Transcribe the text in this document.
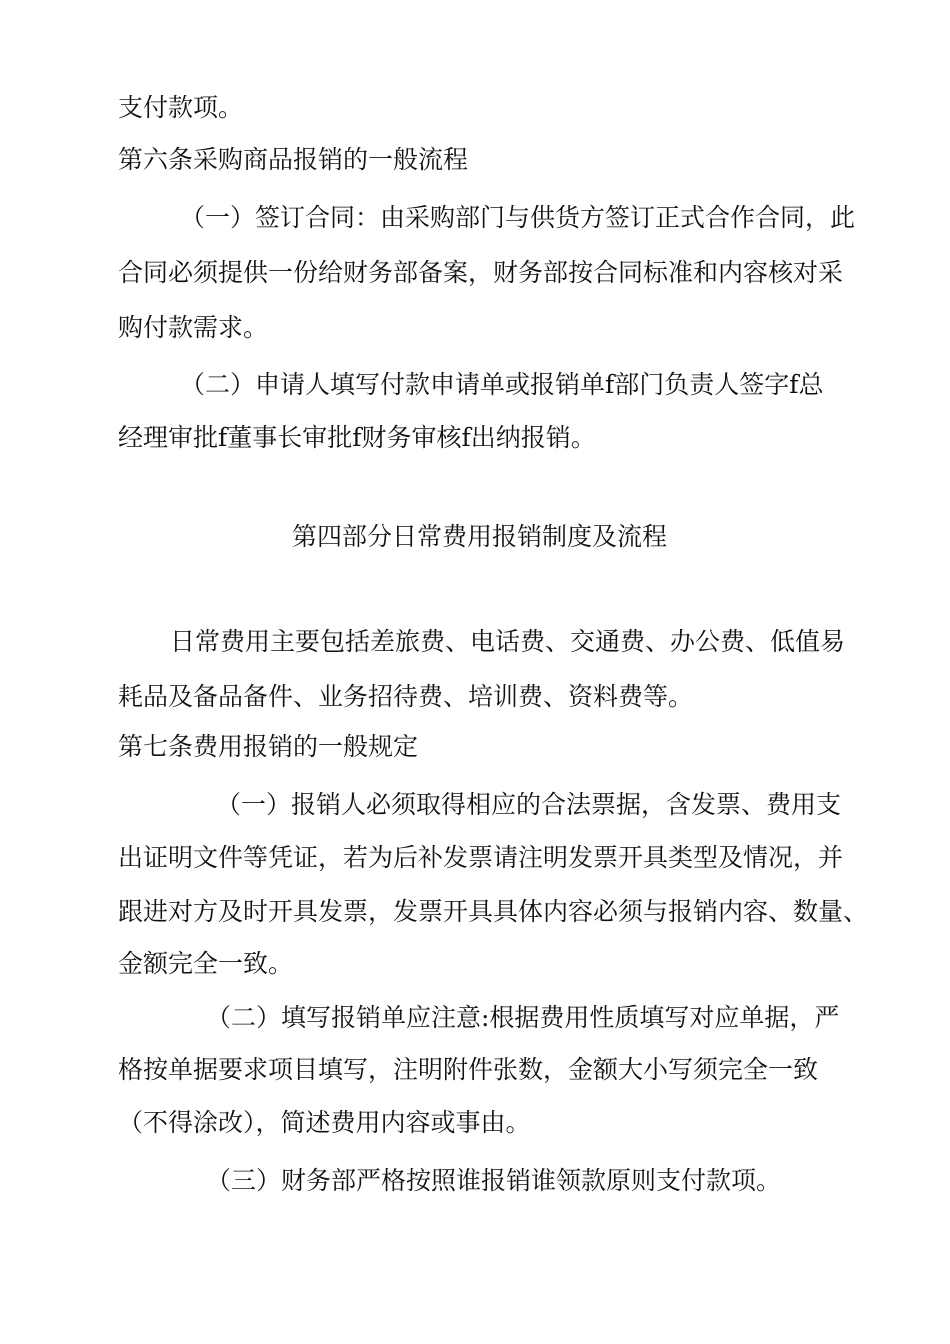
支付款项。
第六条采购商品报销的一般流程
（一）签订合同：由采购部门与供货方签订正式合作合同，此
合同必须提供一份给财务部备案，财务部按合同标准和内容核对采
购付款需求。
（二）申请人填写付款申请单或报销单f部门负责人签字f总
经理审批f董事长审批f财务审核f出纳报销。
第四部分日常费用报销制度及流程
日常费用主要包括差旅费、电话费、交通费、办公费、低值易
耗品及备品备件、业务招待费、培训费、资料费等。
第七条费用报销的一般规定
（一）报销人必须取得相应的合法票据，含发票、费用支
出证明文件等凭证，若为后补发票请注明发票开具类型及情况，并
跟进对方及时开具发票，发票开具具体内容必须与报销内容、数量、
金额完全一致。
（二）填写报销单应注意:根据费用性质填写对应单据，严
格按单据要求项目填写，注明附件张数，金额大小写须完全一致
（不得涂改），简述费用内容或事由。
（三）财务部严格按照谁报销谁领款原则支付款项。
